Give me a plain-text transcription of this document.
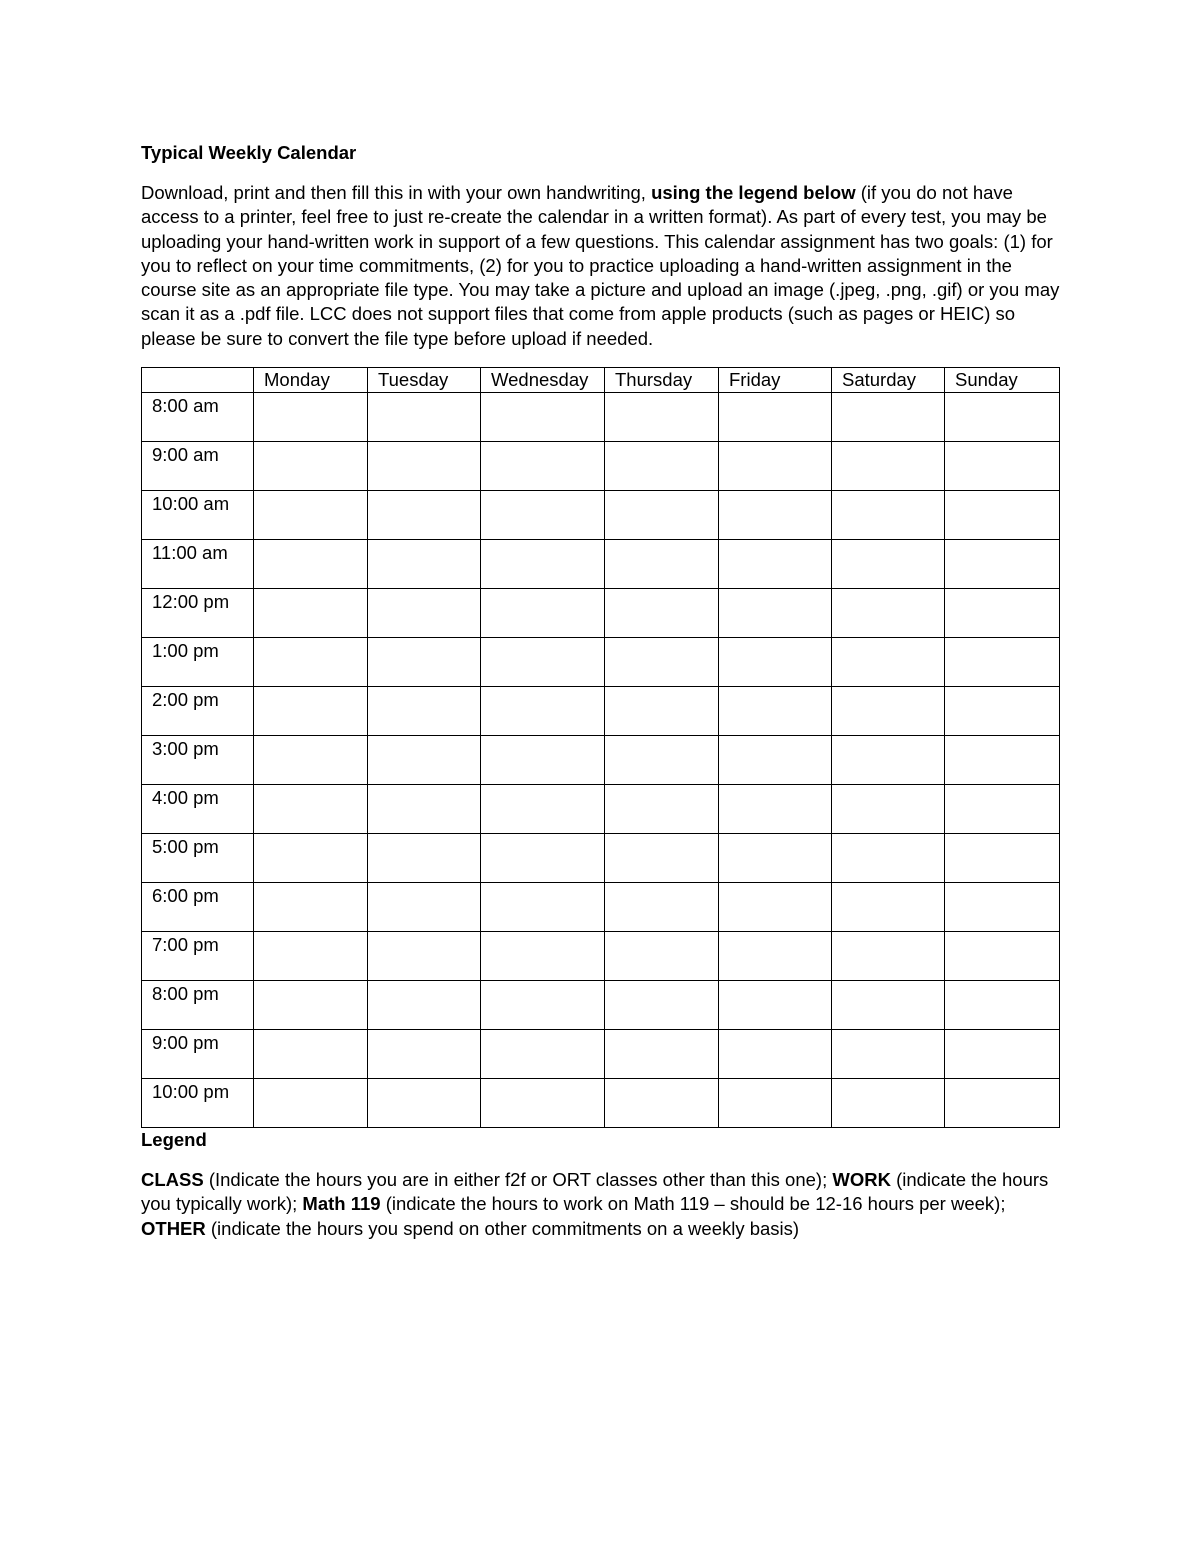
Typical Weekly Calendar

Download, print and then fill this in with your own handwriting, using the legend below (if you do not have access to a printer, feel free to just re-create the calendar in a written format). As part of every test, you may be uploading your hand-written work in support of a few questions. This calendar assignment has two goals: (1) for you to reflect on your time commitments, (2) for you to practice uploading a hand-written assignment in the course site as an appropriate file type. You may take a picture and upload an image (.jpeg, .png, .gif) or you may scan it as a .pdf file. LCC does not support files that come from apple products (such as pages or HEIC) so please be sure to convert the file type before upload if needed.

	Monday	Tuesday	Wednesday	Thursday	Friday	Saturday	Sunday
8:00 am							
9:00 am							
10:00 am							
11:00 am							
12:00 pm							
1:00 pm							
2:00 pm							
3:00 pm							
4:00 pm							
5:00 pm							
6:00 pm							
7:00 pm							
8:00 pm							
9:00 pm							
10:00 pm							
Legend

CLASS (Indicate the hours you are in either f2f or ORT classes other than this one); WORK (indicate the hours you typically work); Math 119 (indicate the hours to work on Math 119 – should be 12-16 hours per week); OTHER (indicate the hours you spend on other commitments on a weekly basis)
